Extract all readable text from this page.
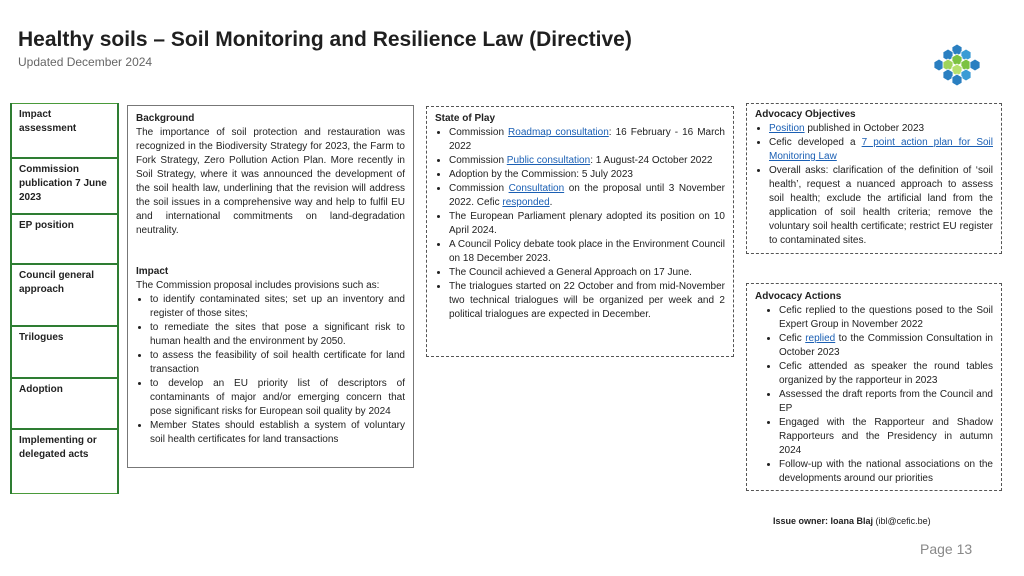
Healthy soils – Soil Monitoring and Resilience Law (Directive)
Updated December 2024
Impact assessment
Commission publication 7 June 2023
EP position
Council general approach
Trilogues
Adoption
Implementing or delegated acts
Background
The importance of soil protection and restauration was recognized in the Biodiversity Strategy for 2023, the Farm to Fork Strategy, Zero Pollution Action Plan. More recently in Soil Strategy, where it was announced the development of the soil health law, underlining that the revision will address the soil issues in a comprehensive way and help to fulfil EU and international commitments on land-degradation neutrality.
Impact
The Commission proposal includes provisions such as:
• to identify contaminated sites; set up an inventory and register of those sites;
• to remediate the sites that pose a significant risk to human health and the environment by 2050.
• to assess the feasibility of soil health certificate for land transaction
• to develop an EU priority list of descriptors of contaminants of major and/or emerging concern that pose significant risks for European soil quality by 2024
• Member States should establish a system of voluntary soil health certificates for land transactions
State of Play
• Commission Roadmap consultation: 16 February - 16 March 2022
• Commission Public consultation: 1 August-24 October 2022
• Adoption by the Commission: 5 July 2023
• Commission Consultation on the proposal until 3 November 2022. Cefic responded.
• The European Parliament plenary adopted its position on 10 April 2024.
• A Council Policy debate took place in the Environment Council on 18 December 2023.
• The Council achieved a General Approach on 17 June.
• The trialogues started on 22 October and from mid-November two technical trialogues will be organized per week and 2 political trialogues are expected in December.
Advocacy Objectives
• Position published in October 2023
• Cefic developed a 7 point action plan for Soil Monitoring Law
• Overall asks: clarification of the definition of ‘soil health’, request a nuanced approach to assess soil health; exclude the artificial land from the application of soil health criteria; remove the voluntary soil health certificate; restrict EU register to contaminated sites.
Advocacy Actions
• Cefic replied to the questions posed to the Soil Expert Group in November 2022
• Cefic replied to the Commission Consultation in October 2023
• Cefic attended as speaker the round tables organized by the rapporteur in 2023
• Assessed the draft reports from the Council and EP
• Engaged with the Rapporteur and Shadow Rapporteurs and the Presidency in autumn 2024
• Follow-up with the national associations on the developments around our priorities
Issue owner: Ioana Blaj (ibl@cefic.be)
Page 13
